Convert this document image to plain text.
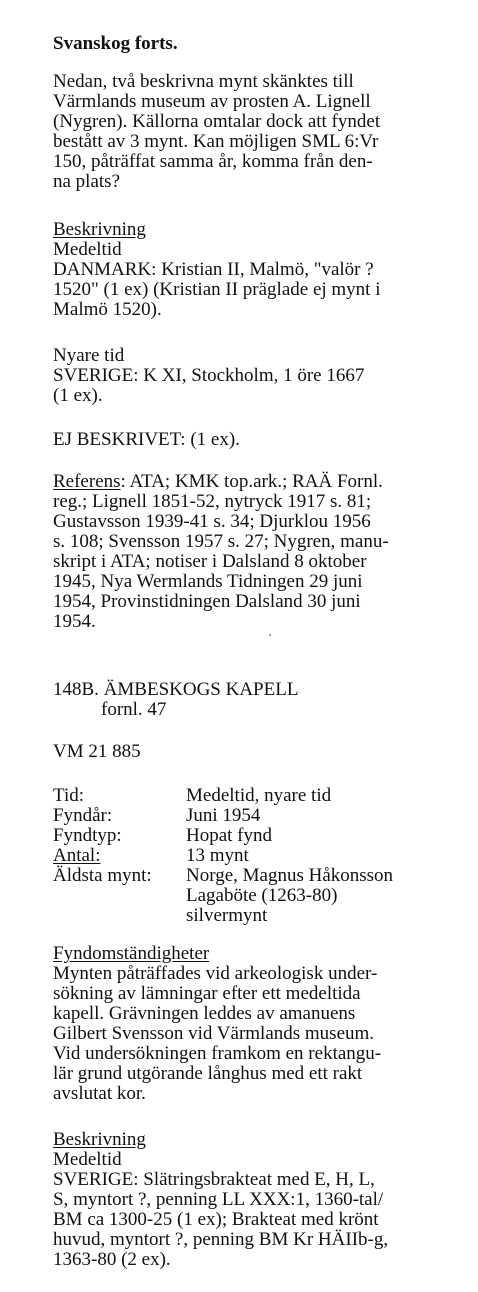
Svanskog forts.
Nedan, två beskrivna mynt skänktes till
Värmlands museum av prosten A. Lignell
(Nygren). Källorna omtalar dock att fyndet
bestått av 3 mynt. Kan möjligen SML 6:Vr
150, påträffat samma år, komma från den-
na plats?
Beskrivning
Medeltid
DANMARK: Kristian II, Malmö, "valör ?
1520" (1 ex) (Kristian II präglade ej mynt i
Malmö 1520).
Nyare tid
SVERIGE: K XI, Stockholm, 1 öre 1667
(1 ex).
EJ BESKRIVET: (1 ex).
Referens: ATA; KMK top.ark.; RAÄ Fornl.
reg.; Lignell 1851-52, nytryck 1917 s. 81;
Gustavsson 1939-41 s. 34; Djurklou 1956
s. 108; Svensson 1957 s. 27; Nygren, manu-
skript i ATA; notiser i Dalsland 8 oktober
1945, Nya Wermlands Tidningen 29 juni
1954, Provinstidningen Dalsland 30 juni
1954.
148B. ÄMBESKOGS KAPELL
fornl. 47
VM 21 885
Tid:	Medeltid, nyare tid
Fyndår:	Juni 1954
Fyndtyp:	Hopat fynd
Antal:	13 mynt
Äldsta mynt: Norge, Magnus Håkonsson
Lagaböte (1263-80)
silvermynt
Fyndomständigheter
Mynten påträffades vid arkeologisk under-
sökning av lämningar efter ett medeltida
kapell. Grävningen leddes av amanuens
Gilbert Svensson vid Värmlands museum.
Vid undersökningen framkom en rektangu-
lär grund utgörande långhus med ett rakt
avslutat kor.
Beskrivning
Medeltid
SVERIGE: Slätringsbrakteat med E, H, L,
S, myntort ?, penning LL XXX:1, 1360-tal/
BM ca 1300-25 (1 ex); Brakteat med krönt
huvud, myntort ?, penning BM Kr HÄIIb-g,
1363-80 (2 ex).
